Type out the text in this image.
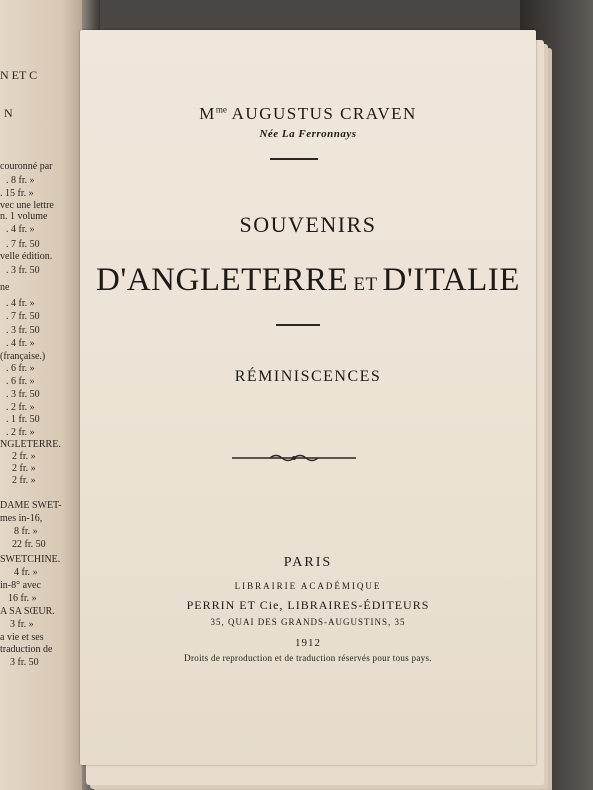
N ET C
N
couronné par
. 8 fr. »
. 15 fr. »
vec une lettre
n. 1 volume
. 4 fr. »
. 7 fr. 50
velle édition.
. 3 fr. 50
ne
. 4 fr. »
. 7 fr. 50
. 3 fr. 50
. 4 fr. »
(française.)
. 6 fr. »
. 6 fr. »
. 3 fr. 50
. 2 fr. »
. 1 fr. 50
. 2 fr. »
NGLETERRE.
2 fr. »
2 fr. »
2 fr. »
DAME SWET-
mes in-16,
8 fr. »
22 fr. 50
SWETCHINE.
4 fr. »
in-8° avec
16 fr. »
A SA SŒUR.
3 fr. »
a vie et ses
traduction de
3 fr. 50
$M^{me}$ AUGUSTUS CRAVEN
Née La Ferronnays
SOUVENIRS
D'ANGLETERRE ET D'ITALIE
RÉMINISCENCES
PARIS
LIBRAIRIE ACADÉMIQUE
PERRIN ET Cie, LIBRAIRES-ÉDITEURS
35, QUAI DES GRANDS-AUGUSTINS, 35
1912
Droits de reproduction et de traduction réservés pour tous pays.
